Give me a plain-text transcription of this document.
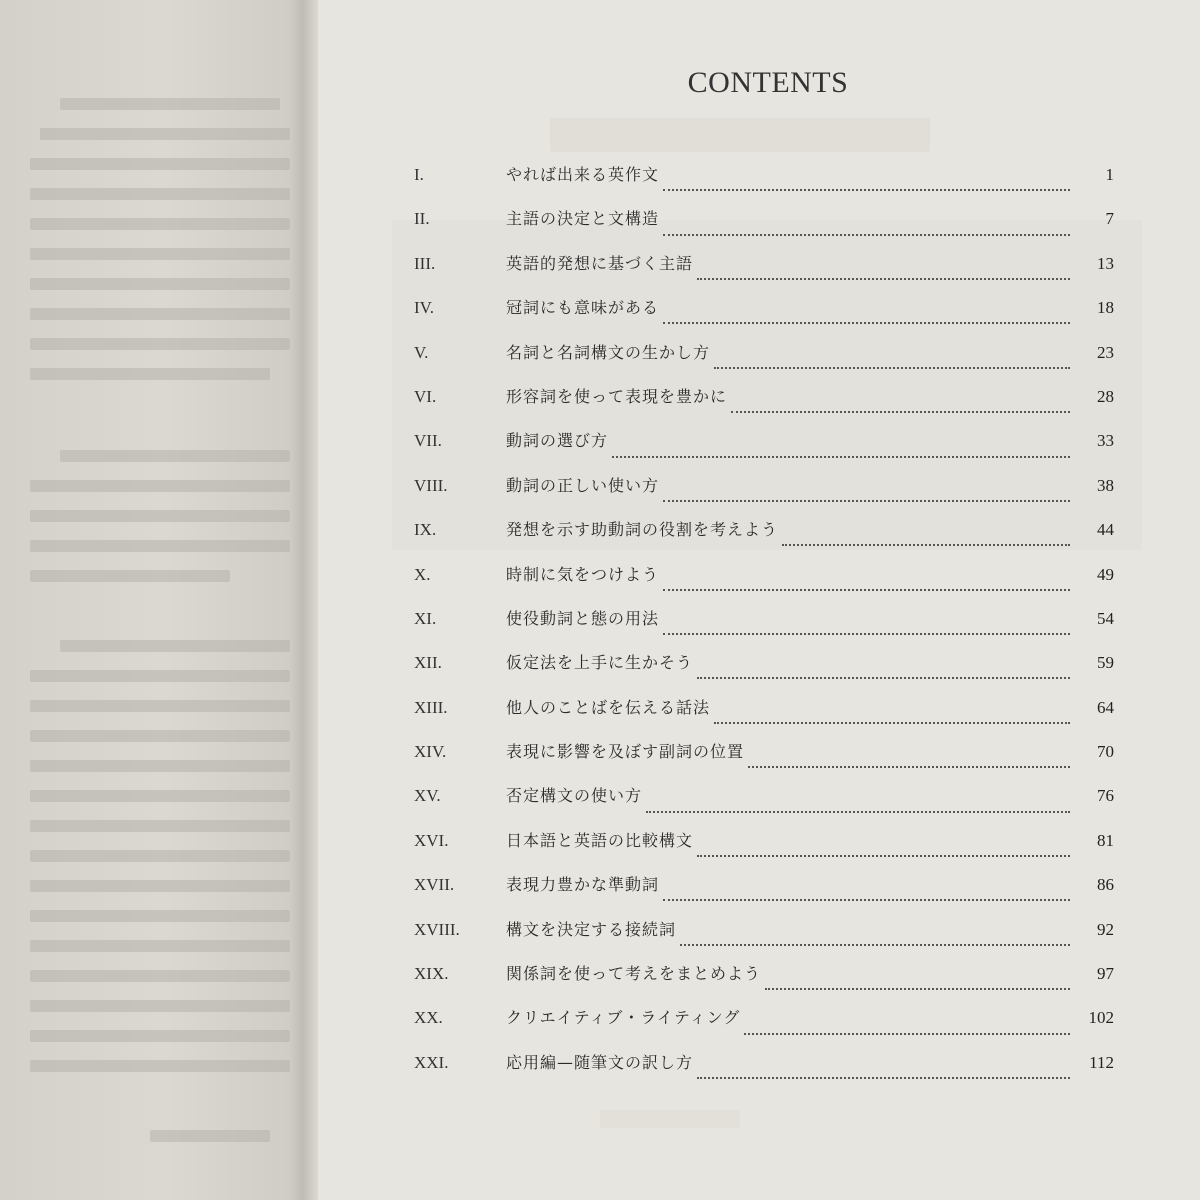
CONTENTS
I.	やれば出来る英作文	1
II.	主語の決定と文構造	7
III.	英語的発想に基づく主語	13
IV.	冠詞にも意味がある	18
V.	名詞と名詞構文の生かし方	23
VI.	形容詞を使って表現を豊かに	28
VII.	動詞の選び方	33
VIII.	動詞の正しい使い方	38
IX.	発想を示す助動詞の役割を考えよう	44
X.	時制に気をつけよう	49
XI.	使役動詞と態の用法	54
XII.	仮定法を上手に生かそう	59
XIII.	他人のことばを伝える話法	64
XIV.	表現に影響を及ぼす副詞の位置	70
XV.	否定構文の使い方	76
XVI.	日本語と英語の比較構文	81
XVII.	表現力豊かな準動詞	86
XVIII.	構文を決定する接続詞	92
XIX.	関係詞を使って考えをまとめよう	97
XX.	クリエイティブ・ライティング	102
XXI.	応用編—随筆文の訳し方	112
